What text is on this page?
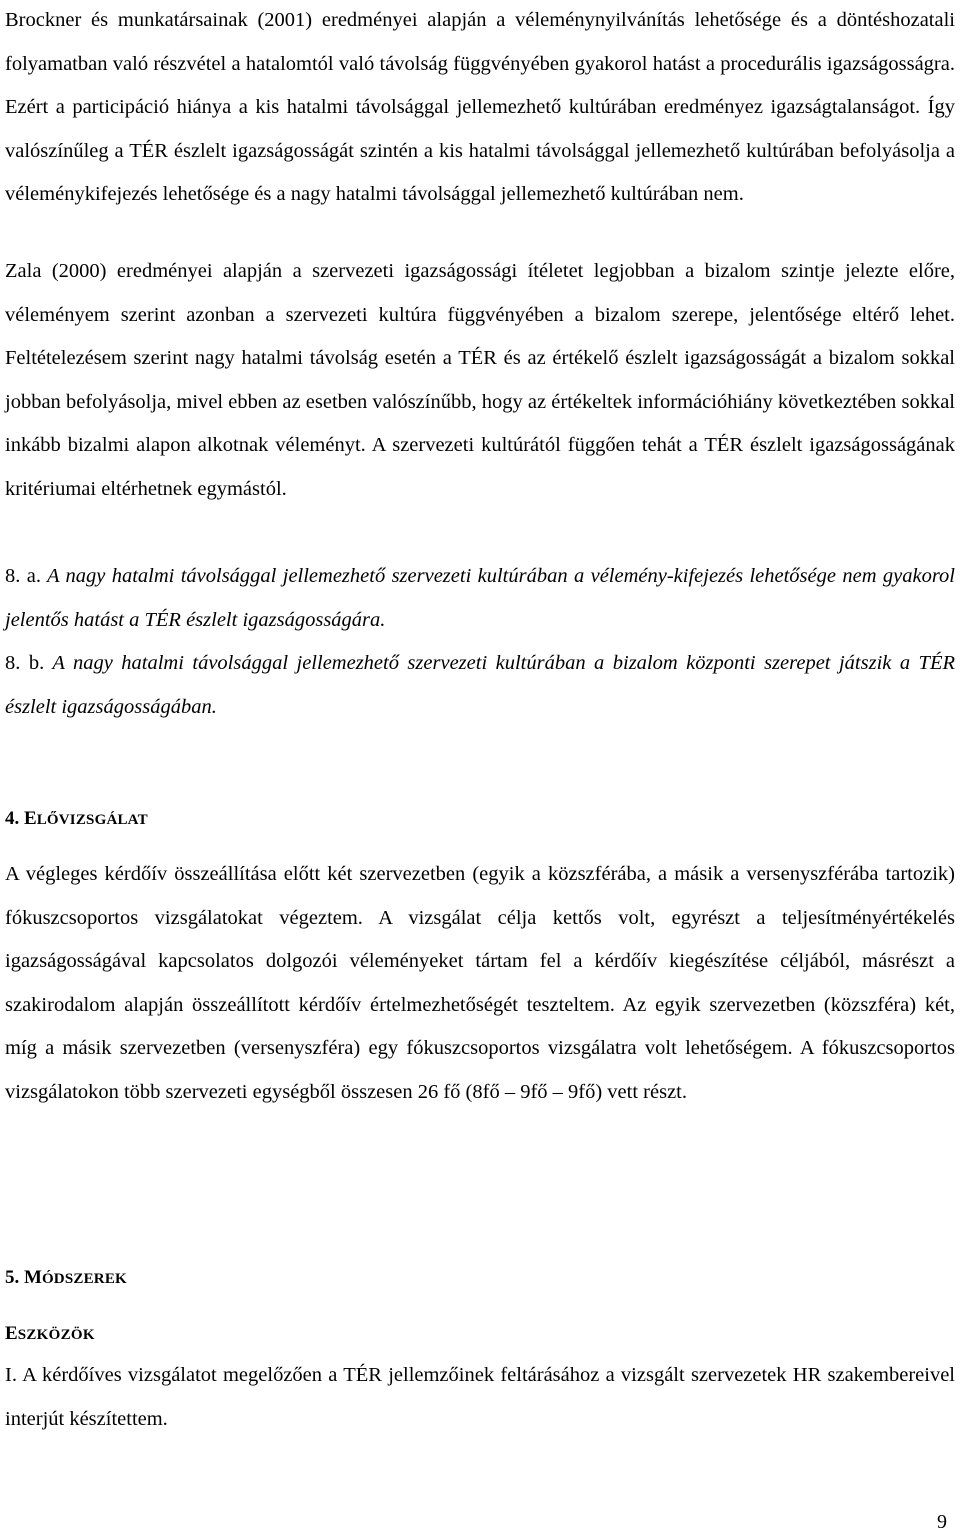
Brockner és munkatársainak (2001) eredményei alapján a véleménynyilvánítás lehetősége és a döntéshozatali folyamatban való részvétel a hatalomtól való távolság függvényében gyakorol hatást a procedurális igazságosságra. Ezért a participáció hiánya a kis hatalmi távolsággal jellemezhető kultúrában eredményez igazságtalanságot. Így valószínűleg a TÉR észlelt igazságosságát szintén a kis hatalmi távolsággal jellemezhető kultúrában befolyásolja a véleménykifejezés lehetősége és a nagy hatalmi távolsággal jellemezhető kultúrában nem.

Zala (2000) eredményei alapján a szervezeti igazságossági ítéletet legjobban a bizalom szintje jelezte előre, véleményem szerint azonban a szervezeti kultúra függvényében a bizalom szerepe, jelentősége eltérő lehet. Feltételezésem szerint nagy hatalmi távolság esetén a TÉR és az értékelő észlelt igazságosságát a bizalom sokkal jobban befolyásolja, mivel ebben az esetben valószínűbb, hogy az értékeltek információhiány következtében sokkal inkább bizalmi alapon alkotnak véleményt. A szervezeti kultúrától függően tehát a TÉR észlelt igazságosságának kritériumai eltérhetnek egymástól.

8. a. A nagy hatalmi távolsággal jellemezhető szervezeti kultúrában a vélemény-kifejezés lehetősége nem gyakorol jelentős hatást a TÉR észlelt igazságosságára.

8. b. A nagy hatalmi távolsággal jellemezhető szervezeti kultúrában a bizalom központi szerepet játszik a TÉR észlelt igazságosságában.

4. ELŐVIZSGÁLAT

A végleges kérdőív összeállítása előtt két szervezetben (egyik a közszférába, a másik a versenyszférába tartozik) fókuszcsoportos vizsgálatokat végeztem. A vizsgálat célja kettős volt, egyrészt a teljesítményértékelés igazságosságával kapcsolatos dolgozói véleményeket tártam fel a kérdőív kiegészítése céljából, másrészt a szakirodalom alapján összeállított kérdőív értelmezhetőségét teszteltem. Az egyik szervezetben (közszféra) két, míg a másik szervezetben (versenyszféra) egy fókuszcsoportos vizsgálatra volt lehetőségem. A fókuszcsoportos vizsgálatokon több szervezeti egységből összesen 26 fő (8fő – 9fő – 9fő) vett részt.

5. MÓDSZEREK
ESZKÖZÖK

I. A kérdőíves vizsgálatot megelőzően a TÉR jellemzőinek feltárásához a vizsgált szervezetek HR szakembereivel interjút készítettem.

9
